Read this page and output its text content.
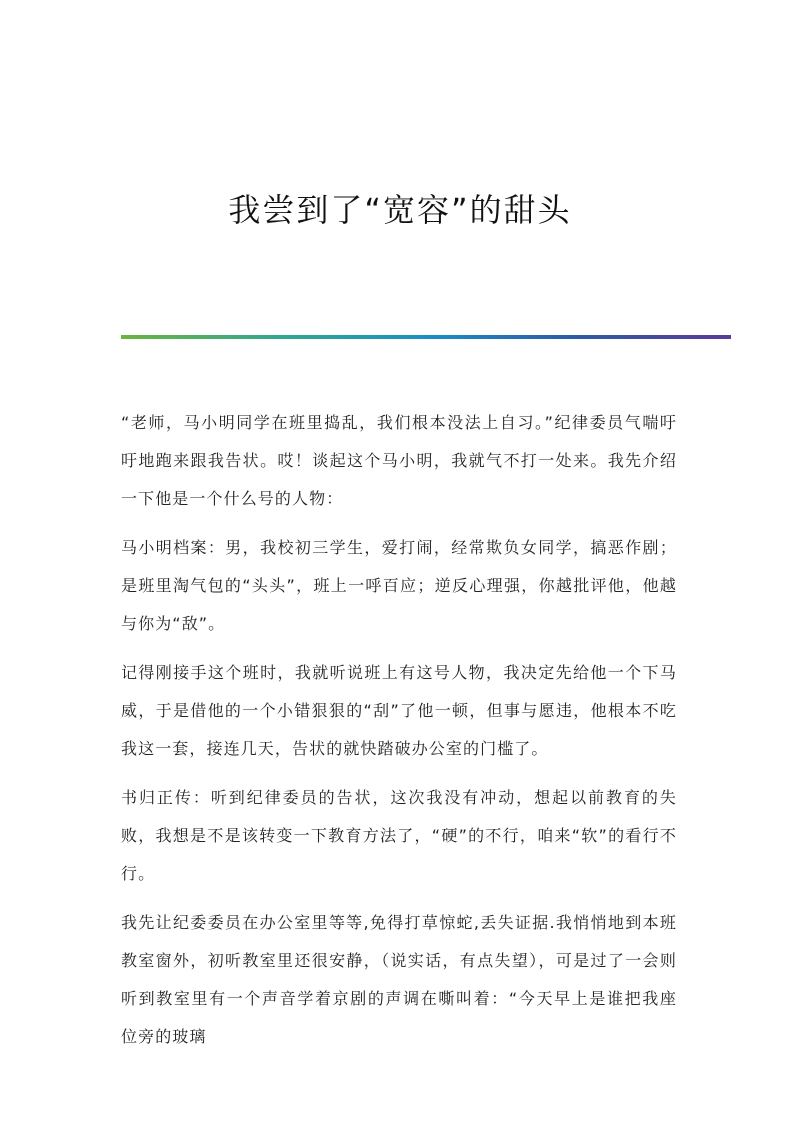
我尝到了“宽容”的甜头

“老师，马小明同学在班里捣乱，我们根本没法上自习。”纪律委员气喘吁吁地跑来跟我告状。哎！谈起这个马小明，我就气不打一处来。我先介绍一下他是一个什么号的人物：

马小明档案：男，我校初三学生，爱打闹，经常欺负女同学，搞恶作剧；是班里淘气包的“头头”，班上一呼百应；逆反心理强，你越批评他，他越与你为“敌”。

记得刚接手这个班时，我就听说班上有这号人物，我决定先给他一个下马威，于是借他的一个小错狠狠的“刮”了他一顿，但事与愿违，他根本不吃我这一套，接连几天，告状的就快踏破办公室的门槛了。

书归正传：听到纪律委员的告状，这次我没有冲动，想起以前教育的失败，我想是不是该转变一下教育方法了，“硬”的不行，咱来“软”的看行不行。

我先让纪委委员在办公室里等等,免得打草惊蛇,丢失证据.我悄悄地到本班教室窗外，初听教室里还很安静，（说实话，有点失望），可是过了一会则听到教室里有一个声音学着京剧的声调在嘶叫着：“今天早上是谁把我座位旁的玻璃
